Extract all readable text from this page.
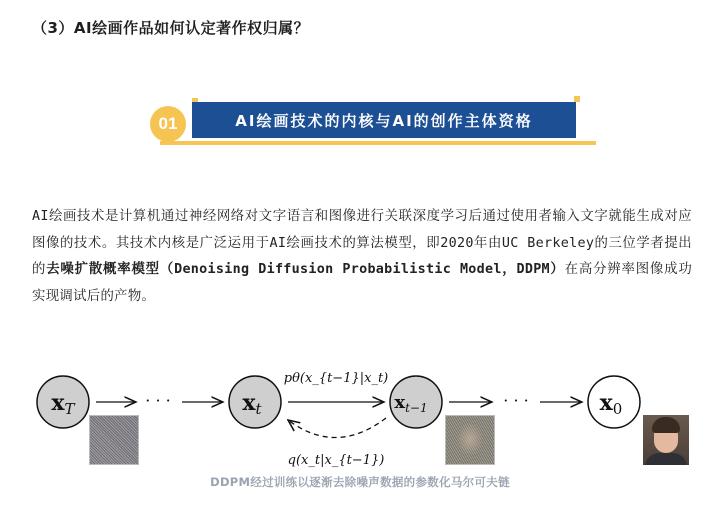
（3）AI绘画作品如何认定著作权归属？
01	AI绘画技术的内核与AI的创作主体资格

AI绘画技术是计算机通过神经网络对文字语言和图像进行关联深度学习后通过使用者输入文字就能生成对应图像的技术。其技术内核是广泛运用于AI绘画技术的算法模型，即2020年由UC Berkeley的三位学者提出的去噪扩散概率模型（Denoising Diffusion Probabilistic Model，DDPM）在高分辨率图像成功实现调试后的产物。

xT	· · ·	xt
pθ(x_{t−1}|x_t)
q(x_t|x_{t−1})
$x_{t-1}$	· · ·	x0
DDPM经过训练以逐渐去除噪声数据的参数化马尔可夫链
